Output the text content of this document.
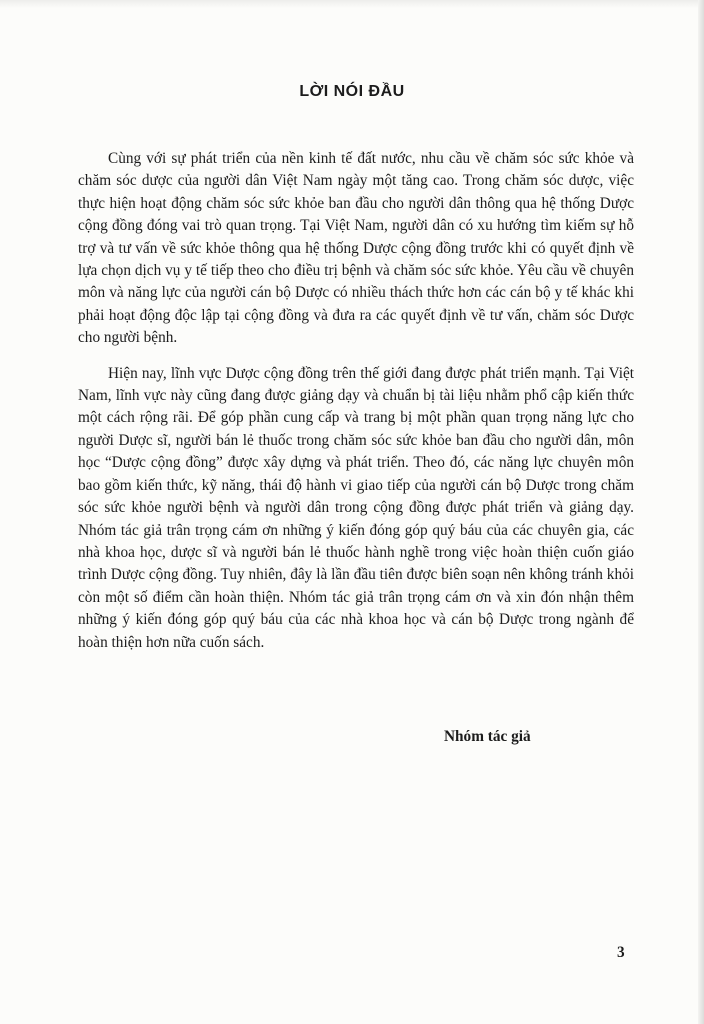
LỜI NÓI ĐẦU

Cùng với sự phát triển của nền kinh tế đất nước, nhu cầu về chăm sóc sức khỏe và chăm sóc dược của người dân Việt Nam ngày một tăng cao. Trong chăm sóc dược, việc thực hiện hoạt động chăm sóc sức khỏe ban đầu cho người dân thông qua hệ thống Dược cộng đồng đóng vai trò quan trọng. Tại Việt Nam, người dân có xu hướng tìm kiếm sự hỗ trợ và tư vấn về sức khỏe thông qua hệ thống Dược cộng đồng trước khi có quyết định về lựa chọn dịch vụ y tế tiếp theo cho điều trị bệnh và chăm sóc sức khỏe. Yêu cầu về chuyên môn và năng lực của người cán bộ Dược có nhiều thách thức hơn các cán bộ y tế khác khi phải hoạt động độc lập tại cộng đồng và đưa ra các quyết định về tư vấn, chăm sóc Dược cho người bệnh.

Hiện nay, lĩnh vực Dược cộng đồng trên thế giới đang được phát triển mạnh. Tại Việt Nam, lĩnh vực này cũng đang được giảng dạy và chuẩn bị tài liệu nhằm phổ cập kiến thức một cách rộng rãi. Để góp phần cung cấp và trang bị một phần quan trọng năng lực cho người Dược sĩ, người bán lẻ thuốc trong chăm sóc sức khỏe ban đầu cho người dân, môn học “Dược cộng đồng” được xây dựng và phát triển. Theo đó, các năng lực chuyên môn bao gồm kiến thức, kỹ năng, thái độ hành vi giao tiếp của người cán bộ Dược trong chăm sóc sức khỏe người bệnh và người dân trong cộng đồng được phát triển và giảng dạy. Nhóm tác giả trân trọng cám ơn những ý kiến đóng góp quý báu của các chuyên gia, các nhà khoa học, dược sĩ và người bán lẻ thuốc hành nghề trong việc hoàn thiện cuốn giáo trình Dược cộng đồng. Tuy nhiên, đây là lần đầu tiên được biên soạn nên không tránh khỏi còn một số điểm cần hoàn thiện. Nhóm tác giả trân trọng cám ơn và xin đón nhận thêm những ý kiến đóng góp quý báu của các nhà khoa học và cán bộ Dược trong ngành để hoàn thiện hơn nữa cuốn sách.

Nhóm tác giả
3
